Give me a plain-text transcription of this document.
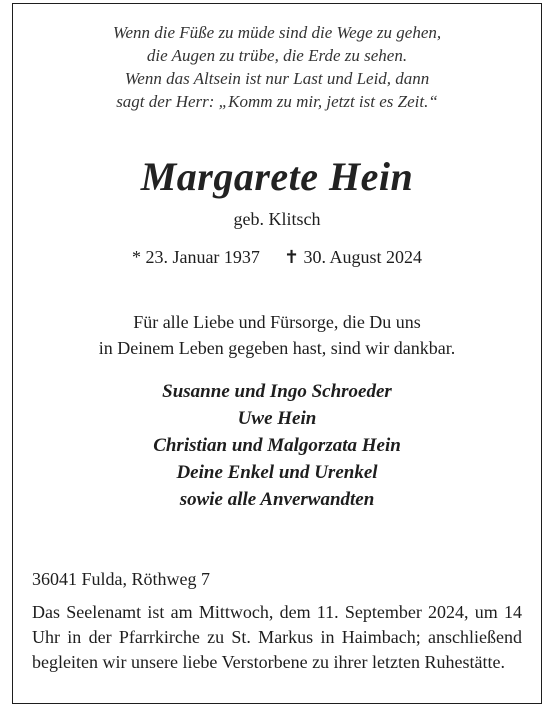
Wenn die Füße zu müde sind die Wege zu gehen,
die Augen zu trübe, die Erde zu sehen.
Wenn das Altsein ist nur Last und Leid, dann
sagt der Herr: „Komm zu mir, jetzt ist es Zeit.“
Margarete Hein
geb. Klitsch
* 23. Januar 1937 ✝ 30. August 2024
Für alle Liebe und Fürsorge, die Du uns
in Deinem Leben gegeben hast, sind wir dankbar.
Susanne und Ingo Schroeder
Uwe Hein
Christian und Malgorzata Hein
Deine Enkel und Urenkel
sowie alle Anverwandten
36041 Fulda, Röthweg 7
Das Seelenamt ist am Mittwoch, dem 11. September 2024, um 14 Uhr in der Pfarrkirche zu St. Markus in Haimbach; anschließend begleiten wir unsere liebe Verstorbene zu ihrer letzten Ruhestätte.
